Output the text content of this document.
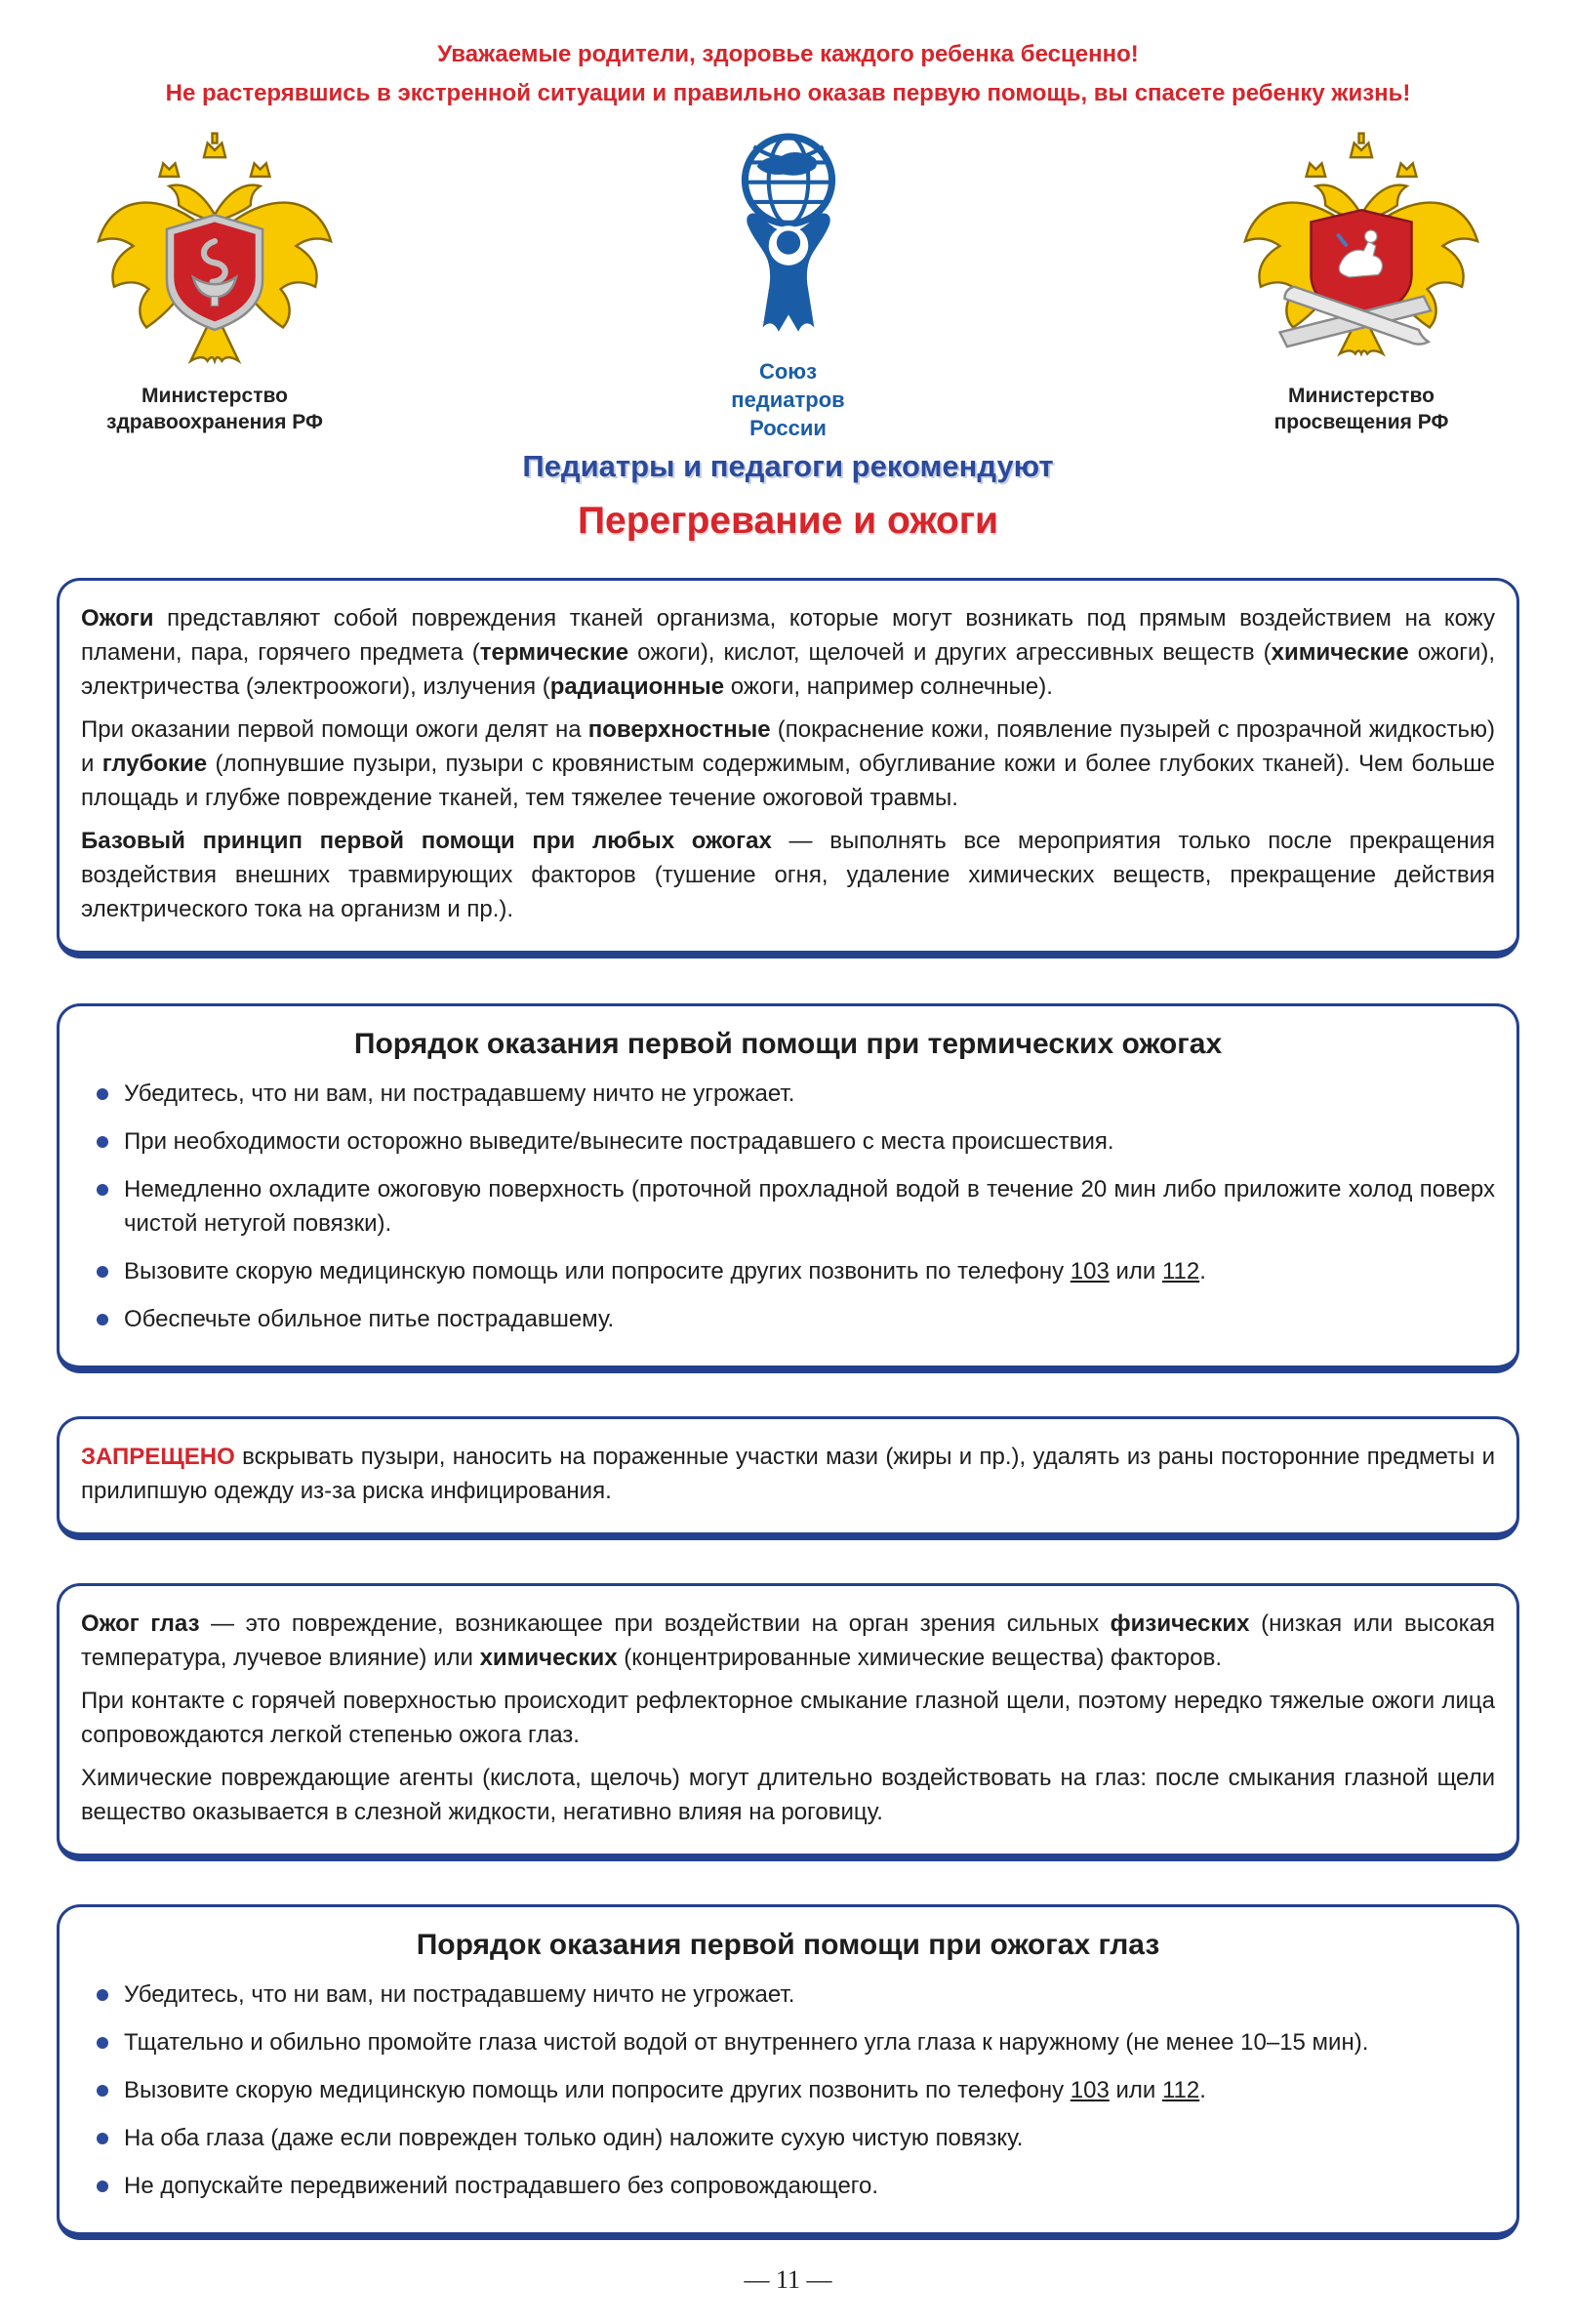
Уважаемые родители, здоровье каждого ребенка бесценно!
Не растерявшись в экстренной ситуации и правильно оказав первую помощь, вы спасете ребенку жизнь!
Министерство
здравоохранения РФ
Союз
педиатров
России
Министерство
просвещения РФ
Педиатры и педагоги рекомендуют
Перегревание и ожоги

Ожоги представляют собой повреждения тканей организма, которые могут возникать под прямым воздействием на кожу пламени, пара, горячего предмета (термические ожоги), кислот, щелочей и других агрессивных веществ (химические ожоги), электричества (электроожоги), излучения (радиационные ожоги, например солнечные).

При оказании первой помощи ожоги делят на поверхностные (покраснение кожи, появление пузырей с прозрачной жидкостью) и глубокие (лопнувшие пузыри, пузыри с кровянистым содержимым, обугливание кожи и более глубоких тканей). Чем больше площадь и глубже повреждение тканей, тем тяжелее течение ожоговой травмы.

Базовый принцип первой помощи при любых ожогах — выполнять все мероприятия только после прекращения воздействия внешних травмирующих факторов (тушение огня, удаление химических веществ, прекращение действия электрического тока на организм и пр.).

Порядок оказания первой помощи при термических ожогах
Убедитесь, что ни вам, ни пострадавшему ничто не угрожает.
При необходимости осторожно выведите/вынесите пострадавшего с места происшествия.
Немедленно охладите ожоговую поверхность (проточной прохладной водой в течение 20 мин либо приложите холод поверх чистой нетугой повязки).
Вызовите скорую медицинскую помощь или попросите других позвонить по телефону 103 или 112.
Обеспечьте обильное питье пострадавшему.

ЗАПРЕЩЕНО вскрывать пузыри, наносить на пораженные участки мази (жиры и пр.), удалять из раны посторонние предметы и прилипшую одежду из-за риска инфицирования.

Ожог глаз — это повреждение, возникающее при воздействии на орган зрения сильных физических (низкая или высокая температура, лучевое влияние) или химических (концентрированные химические вещества) факторов.

При контакте с горячей поверхностью происходит рефлекторное смыкание глазной щели, поэтому нередко тяжелые ожоги лица сопровождаются легкой степенью ожога глаз.

Химические повреждающие агенты (кислота, щелочь) могут длительно воздействовать на глаз: после смыкания глазной щели вещество оказывается в слезной жидкости, негативно влияя на роговицу.

Порядок оказания первой помощи при ожогах глаз
Убедитесь, что ни вам, ни пострадавшему ничто не угрожает.
Тщательно и обильно промойте глаза чистой водой от внутреннего угла глаза к наружному (не менее 10–15 мин).
Вызовите скорую медицинскую помощь или попросите других позвонить по телефону 103 или 112.
На оба глаза (даже если поврежден только один) наложите сухую чистую повязку.
Не допускайте передвижений пострадавшего без сопровождающего.
— 11 —
